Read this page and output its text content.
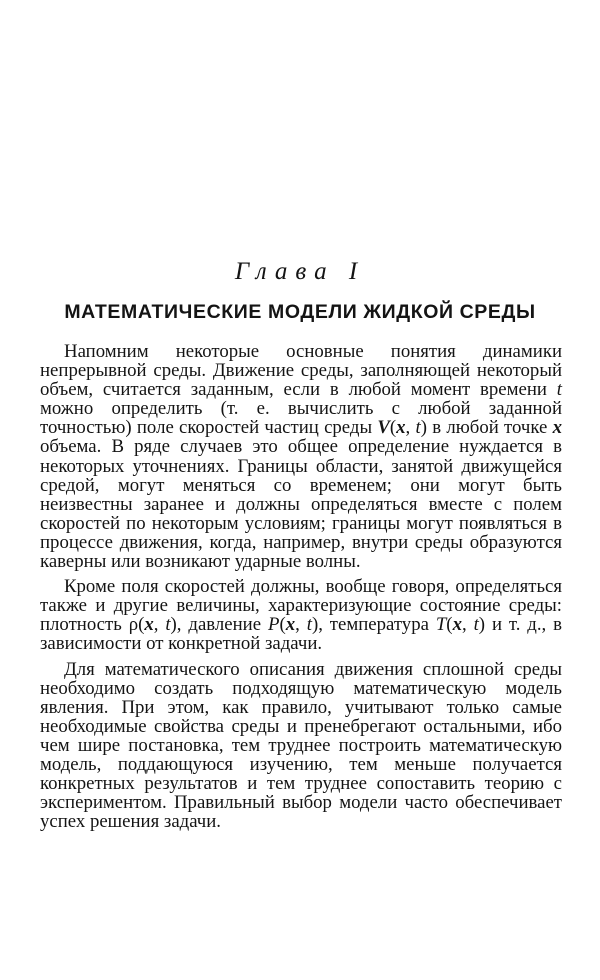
Глава I
МАТЕМАТИЧЕСКИЕ МОДЕЛИ ЖИДКОЙ СРЕДЫ

Напомним некоторые основные понятия динамики непрерывной среды. Движение среды, заполняющей некоторый объем, считается заданным, если в любой момент времени t можно определить (т. е. вычислить с любой заданной точностью) поле скоростей частиц среды V(x, t) в любой точке x объема. В ряде случаев это общее определение нуждается в некоторых уточнениях. Границы области, занятой движущейся средой, могут меняться со временем; они могут быть неизвестны заранее и должны определяться вместе с полем скоростей по некоторым условиям; границы могут появляться в процессе движения, когда, например, внутри среды образуются каверны или возникают ударные волны.

Кроме поля скоростей должны, вообще говоря, определяться также и другие величины, характеризующие состояние среды: плотность ρ(x, t), давление P(x, t), температура T(x, t) и т. д., в зависимости от конкретной задачи.

Для математического описания движения сплошной среды необходимо создать подходящую математическую модель явления. При этом, как правило, учитывают только самые необходимые свойства среды и пренебрегают остальными, ибо чем шире постановка, тем труднее построить математическую модель, поддающуюся изучению, тем меньше получается конкретных результатов и тем труднее сопоставить теорию с экспериментом. Правильный выбор модели часто обеспечивает успех решения задачи.
